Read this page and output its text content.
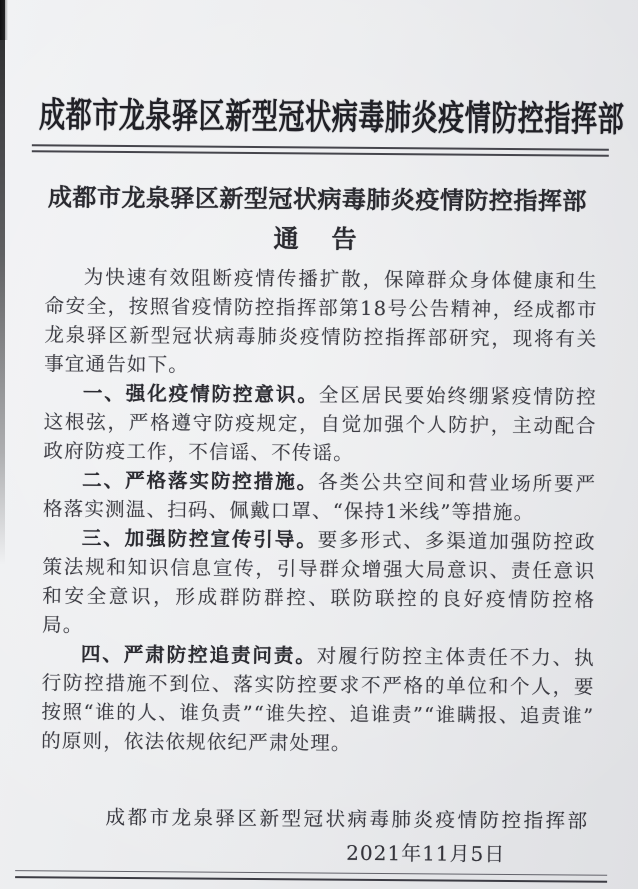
成都市龙泉驿区新型冠状病毒肺炎疫情防控指挥部
成都市龙泉驿区新型冠状病毒肺炎疫情防控指挥部
通　告

为快速有效阻断疫情传播扩散，保障群众身体健康和生命安全，按照省疫情防控指挥部第18号公告精神，经成都市龙泉驿区新型冠状病毒肺炎疫情防控指挥部研究，现将有关事宜通告如下。

一、强化疫情防控意识。全区居民要始终绷紧疫情防控这根弦，严格遵守防疫规定，自觉加强个人防护，主动配合政府防疫工作，不信谣、不传谣。

二、严格落实防控措施。各类公共空间和营业场所要严格落实测温、扫码、佩戴口罩、“保持1米线”等措施。

三、加强防控宣传引导。要多形式、多渠道加强防控政策法规和知识信息宣传，引导群众增强大局意识、责任意识和安全意识，形成群防群控、联防联控的良好疫情防控格局。

四、严肃防控追责问责。对履行防控主体责任不力、执行防控措施不到位、落实防控要求不严格的单位和个人，要按照“谁的人、谁负责”“谁失控、追谁责”“谁瞒报、追责谁”的原则，依法依规依纪严肃处理。

成都市龙泉驿区新型冠状病毒肺炎疫情防控指挥部
2021年11月5日
